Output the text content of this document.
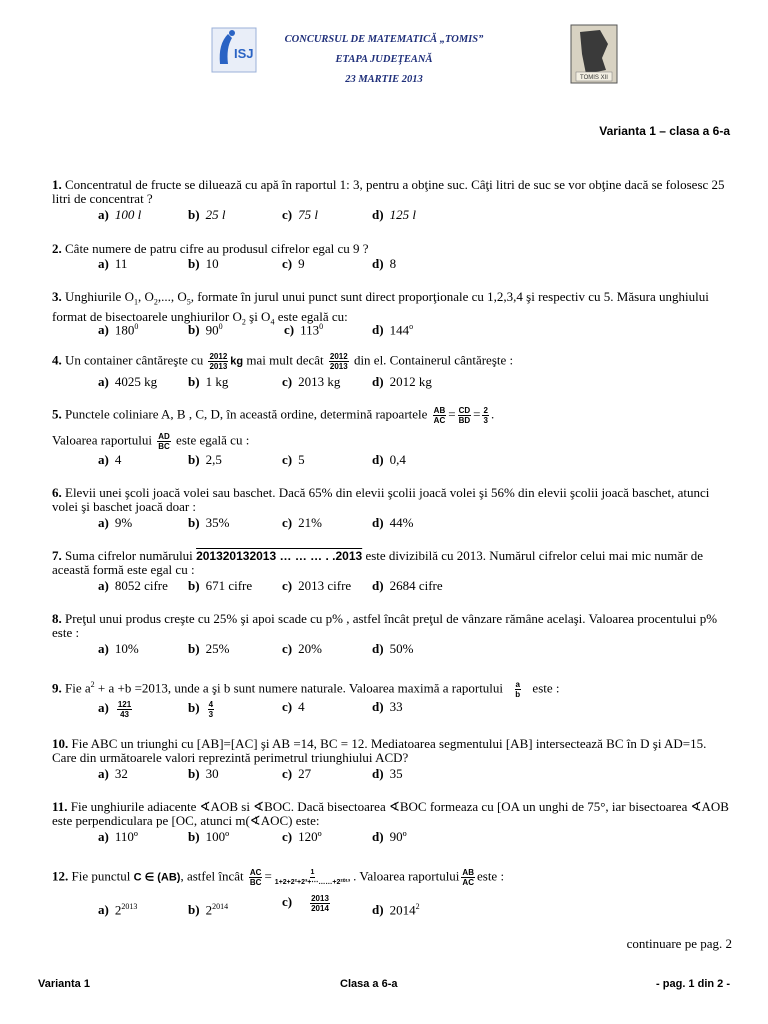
ISJ
CONCURSUL DE MATEMATICĂ „TOMIS”
ETAPA JUDEŢEANĂ
23 MARTIE 2013	TOMIS XII
Varianta 1 – clasa a 6-a
1. Concentratul de fructe se diluează cu apă în raportul 1: 3, pentru a obţine suc. Câţi litri de suc se vor obţine dacă se folosesc 25 litri de concentrat ?
a) 100 l	b) 25 l	c) 75 l	d) 125 l
2. Câte numere de patru cifre au produsul cifrelor egal cu 9 ?
a) 11	b) 10	c) 9	d) 8
3. Unghiurile $O_1$, $O_2$,..., $O_5$, formate în jurul unui punct sunt direct proporţionale cu 1,2,3,4 şi respectiv cu 5. Măsura unghiului format de bisectoarele unghiurilor $O_2$ şi $O_4$ este egală cu:
a) $180^0$	b) $90^0$	c) $113^0$	d) 144$^o$
4. Un container cântăreşte cu $\frac{2012}{2013}$ kg mai mult decât $\frac{2012}{2013}$ din el. Containerul cântăreşte :
a) 4025 kg b) 1 kg	c) 2013 kg d) 2012 kg
5. Punctele coliniare A, B , C, D, în această ordine, determină rapoartele $\frac{AB}{AC} = \frac{CD}{BD} = \frac{2}{3}$ .
Valoarea raportului $\frac{AD}{BC}$ este egală cu :
a) 4	b) 2,5	c) 5	d) 0,4
6. Elevii unei şcoli joacă volei sau baschet. Dacă 65% din elevii şcolii joacă volei şi 56% din elevii şcolii joacă baschet, atunci volei şi baschet joacă doar :
a) 9%	b) 35%	c) 21%	d) 44%
7. Suma cifrelor numărului 201320132013 … … … . .2013 este divizibilă cu 2013. Numărul cifrelor celui mai mic număr de această formă este egal cu :
a) 8052 cifre b) 671 cifre c) 2013 cifre d) 2684 cifre
8. Preţul unui produs creşte cu 25% şi apoi scade cu p% , astfel încât preţul de vânzare rămâne acelaşi. Valoarea procentului p% este :
a) 10%	b) 25%	c) 20%	d) 50%
9. Fie $a^2 + a +b =2013$, unde a şi b sunt numere naturale. Valoarea maximă a raportului $\frac{a}{b}$ este :
$a) \frac{121}{43}$	$b) \frac{4}{3}$	c) 4	d) 33
10. Fie ABC un triunghi cu [AB]=[AC] şi AB =14, BC = 12. Mediatoarea segmentului [AB] intersectează BC în D şi AD=15. Care din următoarele valori reprezintă perimetrul triunghiului ACD?
a) 32	b) 30	c) 27	d) 35
11. Fie unghiurile adiacente ∢AOB si ∢BOC. Dacă bisectoarea ∢BOC formeaza cu [OA un unghi de 75°, iar bisectoarea ∢AOB este perpendiculara pe [OC, atunci m(∢AOC) este:
a) 110º	b) 100º	c) 120º	d) 90º
12. Fie punctul C ∈ (AB), astfel încât $\frac{AC}{BC} = \frac{1}{\text{1+2+2²+2³+⋯……+2²⁰¹³}}$ . Valoarea raportului $\frac{AB}{AC}$ este :
a) $2^{2013}$	b) $2^{2014}$	$c) \frac{2013}{2014}$	d) 2014$^2$
continuare pe pag. 2
Varianta 1	Clasa a 6-a	- pag. 1 din 2 -
